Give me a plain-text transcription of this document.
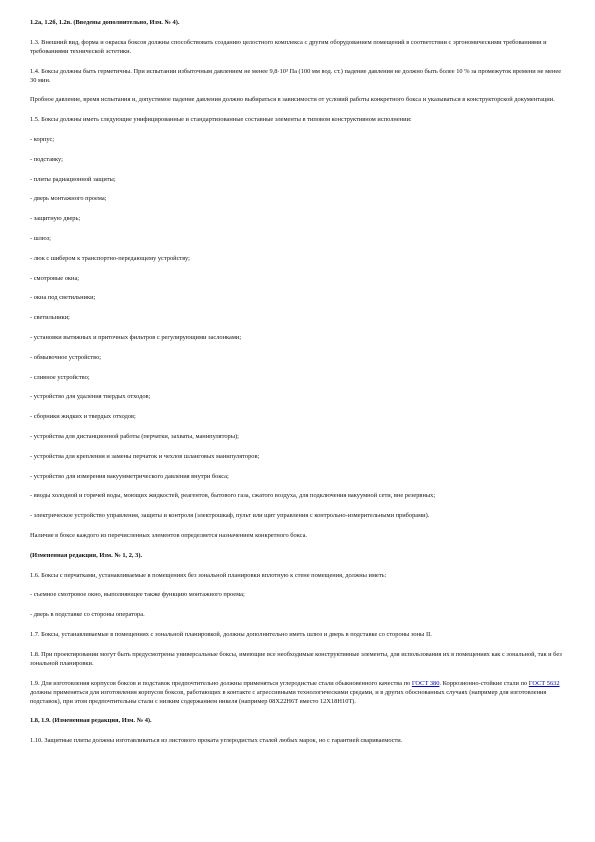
1.2а, 1.2б, 1.2в. (Введены дополнительно, Изм. № 4).

1.3. Внешний вид, форма и окраска боксов должны способствовать созданию целостного комплекса с другим оборудованием помещений в соответствии с эргономическими требованиями и требованиями технической эстетики.

1.4. Боксы должны быть герметичны. При испытании избыточным давлением не менее 9,8·10³ Па (100 мм вод. ст.) падение давления не должно быть более 10 % за промежуток времени не менее 30 мин.

Пробное давление, время испытания и, допустимое падение давления должно выбираться в зависимости от условий работы конкретного бокса и указываться в конструкторской документации.

1.5. Боксы должны иметь следующие унифицированные и стандартизованные составные элементы в типовом конструктивном исполнении:

- корпус;

- подставку;

- плиты радиационной защиты;

- дверь монтажного проема;

- защитную дверь;

- шлюз;

- люк с шибером к транспортно-передающему устройству;

- смотровые окна;

- окна под светильники;

- светильники;

- установки вытяжных и приточных фильтров с регулирующими заслонками;

- обмывочное устройство;

- сливное устройство;

- устройство для удаления твердых отходов;

- сборники жидких и твердых отходов;

- устройства для дистанционной работы (перчатки, захваты, манипуляторы);

- устройства для крепления и замены перчаток и чехлов шланговых манипуляторов;

- устройство для измерения вакуумметрического давления внутри бокса;

- вводы холодной и горячей воды, моющих жидкостей, реагентов, бытового газа, сжатого воздуха, для подключения вакуумной сети, вне резервных;

- электрическое устройство управления, защиты и контроля (электрошкаф, пульт или щит управления с контрольно-измерительными приборами).

Наличие в боксе каждого из перечисленных элементов определяется назначением конкретного бокса.

(Измененная редакция, Изм. № 1, 2, 3).

1.6. Боксы с перчатками, устанавливаемые в помещениях без зональной планировки вплотную к стене помещения, должны иметь:

- съемное смотровое окно, выполняющее также функцию монтажного проема;

- дверь в подставке со стороны оператора.

1.7. Боксы, устанавливаемые в помещениях с зональной планировкой, должны дополнительно иметь шлюз и дверь в подставке со стороны зоны II.

1.8. При проектировании могут быть предусмотрены универсальные боксы, имеющие все необходимые конструктивные элементы, для использования их в помещениях как с зональной, так и без зональной планировки.

1.9. Для изготовления корпусов боксов и подставок предпочтительно должны применяться углеродистые стали обыкновенного качества по ГОСТ 380. Коррозионно-стойкие стали по ГОСТ 5632 должны применяться для изготовления корпусов боксов, работающих в контакте с агрессивными технологическими средами, и в других обоснованных случаях (например для изготовления подставок), при этом предпочтительны стали с низким содержанием никеля (например 08Х22Н6Т вместо 12Х18Н10Т).

1.8, 1.9. (Измененная редакция, Изм. № 4).

1.10. Защитные плиты должны изготавливаться из листового проката углеродистых сталей любых марок, но с гарантией свариваемости.
